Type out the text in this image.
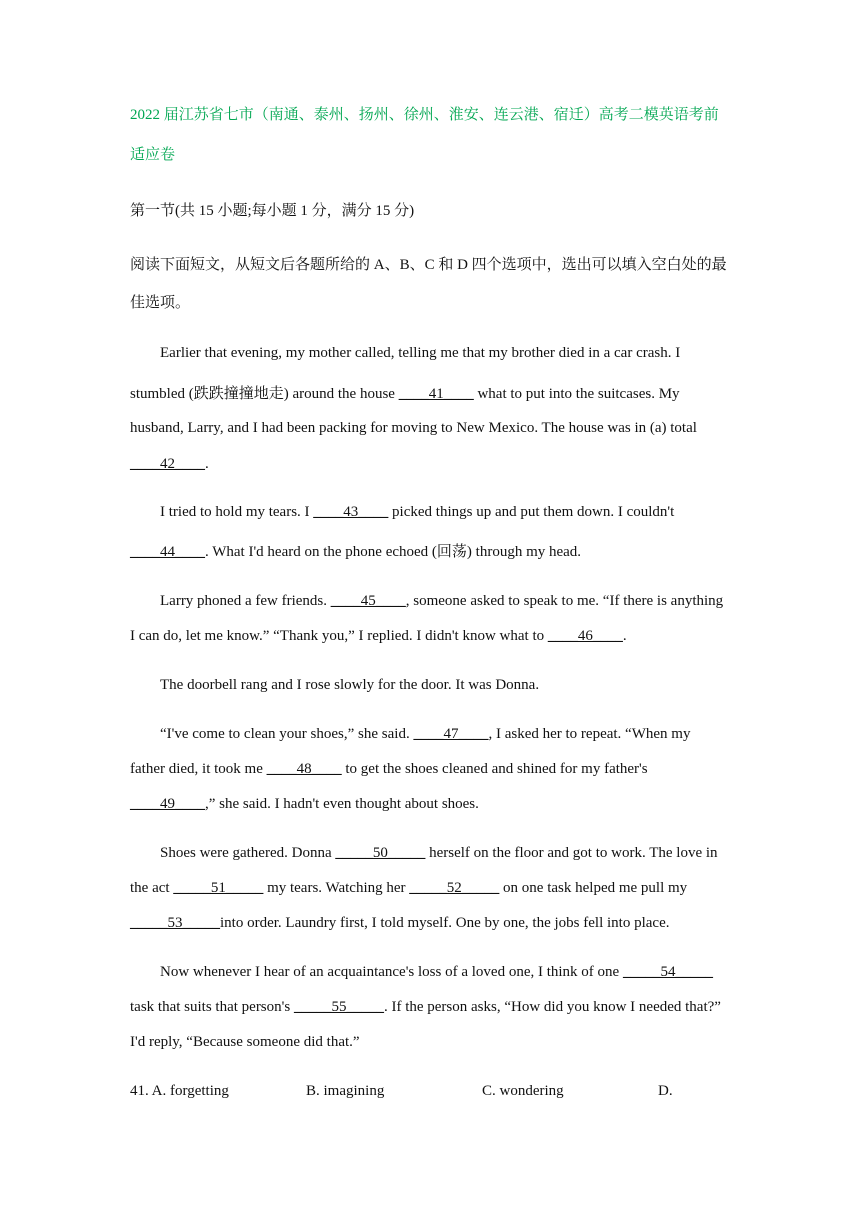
2022 届江苏省七市（南通、泰州、扬州、徐州、淮安、连云港、宿迁）高考二模英语考前
适应卷
第一节(共 15 小题;每小题 1 分，满分 15 分)
阅读下面短文，从短文后各题所给的 A、B、C 和 D 四个选项中，选出可以填入空白处的最
佳选项。
Earlier that evening, my mother called, telling me that my brother died in a car crash. I
stumbled (跌跌撞撞地走) around the house ____41____ what to put into the suitcases. My
husband, Larry, and I had been packing for moving to New Mexico. The house was in (a) total
____42____.
I tried to hold my tears. I ____43____ picked things up and put them down. I couldn't
____44____. What I'd heard on the phone echoed (回荡) through my head.
Larry phoned a few friends. ____45____, someone asked to speak to me. “If there is anything
I can do, let me know.” “Thank you,” I replied. I didn't know what to ____46____.
The doorbell rang and I rose slowly for the door. It was Donna.
“I've come to clean your shoes,” she said. ____47____, I asked her to repeat. “When my
father died, it took me ____48____ to get the shoes cleaned and shined for my father's
____49____,” she said. I hadn't even thought about shoes.
Shoes were gathered. Donna _____50_____ herself on the floor and got to work. The love in
the act _____51_____ my tears. Watching her _____52_____ on one task helped me pull my
_____53_____into order. Laundry first, I told myself. One by one, the jobs fell into place.
Now whenever I hear of an acquaintance's loss of a loved one, I think of one _____54_____
task that suits that person's _____55_____. If the person asks, “How did you know I needed that?”
I'd reply, “Because someone did that.”
41. A. forgetting	B. imagining	C. wondering	D.
